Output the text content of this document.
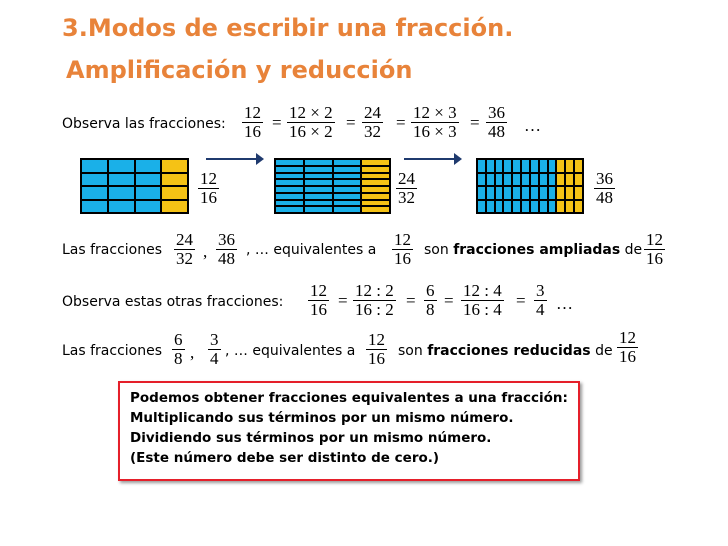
3.Modos de escribir una fracción.
Amplificación y reducción
Observa las fracciones: $\frac{12}{16} = \frac{12 \times 2}{16 \times 2} = \frac{24}{32} = \frac{12 \times 3}{16 \times 3} = \frac{36}{48}$ …
$\frac{12}{16}$	$\frac{24}{32}$	$\frac{36}{48}$
Las fracciones $\frac{24}{32}$ , $\frac{36}{48}$ , … equivalentes a $\frac{12}{16}$ son fracciones ampliadas de $\frac{12}{16}$
Observa estas otras fracciones: $\frac{12}{16} = \frac{12 : 2}{16 : 2} = \frac{6}{8} = \frac{12 : 4}{16 : 4} = \frac{3}{4}$ …
Las fracciones $\frac{6}{8}$ , $\frac{3}{4}$ , … equivalentes a $\frac{12}{16}$ son fracciones reducidas de $\frac{12}{16}$
Podemos obtener fracciones equivalentes a una fracción:
Multiplicando sus términos por un mismo número.
Dividiendo sus términos por un mismo número.
(Este número debe ser distinto de cero.)
